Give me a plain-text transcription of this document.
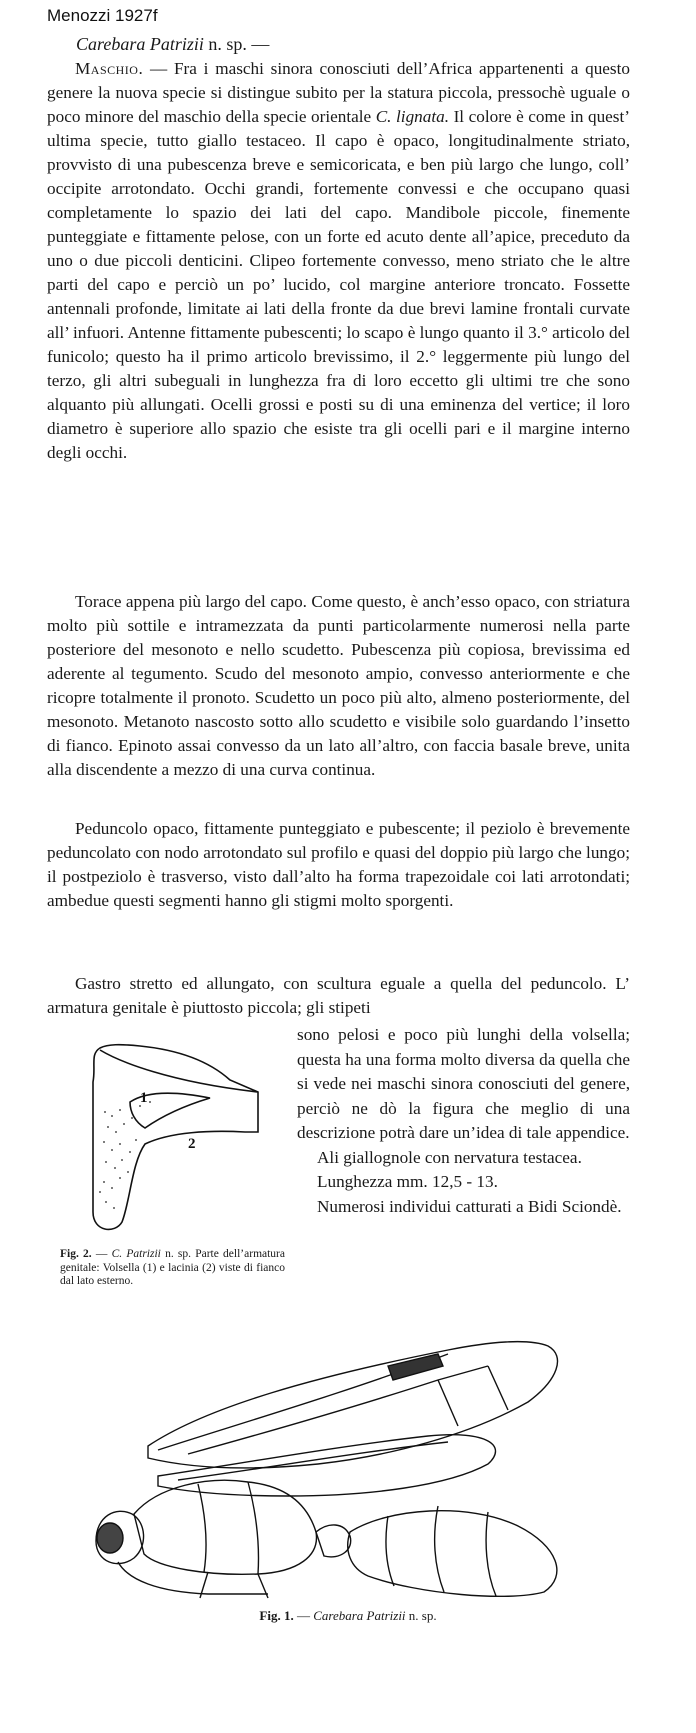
Menozzi 1927f
Carebara Patrizii n. sp. —

Maschio. — Fra i maschi sinora conosciuti dell’Africa appartenenti a questo genere la nuova specie si distingue subito per la statura piccola, pressochè uguale o poco minore del maschio della specie orientale C. lignata. Il colore è come in quest’ ultima specie, tutto giallo testaceo. Il capo è opaco, longitudinalmente striato, provvisto di una pubescenza breve e semicoricata, e ben più largo che lungo, coll’ occipite arrotondato. Occhi grandi, fortemente convessi e che occupano quasi completamente lo spazio dei lati del capo. Mandibole piccole, finemente punteggiate e fittamente pelose, con un forte ed acuto dente all’apice, preceduto da uno o due piccoli denticini. Clipeo fortemente convesso, meno striato che le altre parti del capo e perciò un po’ lucido, col margine anteriore troncato. Fossette antennali profonde, limitate ai lati della fronte da due brevi lamine frontali curvate all’ infuori. Antenne fittamente pubescenti; lo scapo è lungo quanto il 3.° articolo del funicolo; questo ha il primo articolo brevissimo, il 2.° leggermente più lungo del terzo, gli altri subeguali in lunghezza fra di loro eccetto gli ultimi tre che sono alquanto più allungati. Ocelli grossi e posti su di una eminenza del vertice; il loro diametro è superiore allo spazio che esiste tra gli ocelli pari e il margine interno degli occhi.

Torace appena più largo del capo. Come questo, è anch’esso opaco, con striatura molto più sottile e intramezzata da punti particolarmente numerosi nella parte posteriore del mesonoto e nello scudetto. Pubescenza più copiosa, brevissima ed aderente al tegumento. Scudo del mesonoto ampio, convesso anteriormente e che ricopre totalmente il pronoto. Scudetto un poco più alto, almeno posteriormente, del mesonoto. Metanoto nascosto sotto allo scudetto e visibile solo guardando l’insetto di fianco. Epinoto assai convesso da un lato all’altro, con faccia basale breve, unita alla discendente a mezzo di una curva continua.

Peduncolo opaco, fittamente punteggiato e pubescente; il peziolo è brevemente peduncolato con nodo arrotondato sul profilo e quasi del doppio più largo che lungo; il postpeziolo è trasverso, visto dall’alto ha forma trapezoidale coi lati arrotondati; ambedue questi segmenti hanno gli stigmi molto sporgenti.

Gastro stretto ed allungato, con scultura eguale a quella del peduncolo. L’ armatura genitale è piuttosto piccola; gli stipeti

sono pelosi e poco più lunghi della volsella; questa ha una forma molto diversa da quella che si vede nei maschi sinora conosciuti del genere, perciò ne dò la figura che meglio di una descrizione potrà dare un’idea di tale appendice.

Ali giallognole con nervatura testacea.

Lunghezza mm. 12,5 - 13.

Numerosi individui catturati a Bidi Sciondè.

1
2
Fig. 2. — C. Patrizii n. sp. Parte dell’armatura genitale: Volsella (1) e lacinia (2) viste di fianco dal lato esterno.
Fig. 1. — Carebara Patrizii n. sp.
